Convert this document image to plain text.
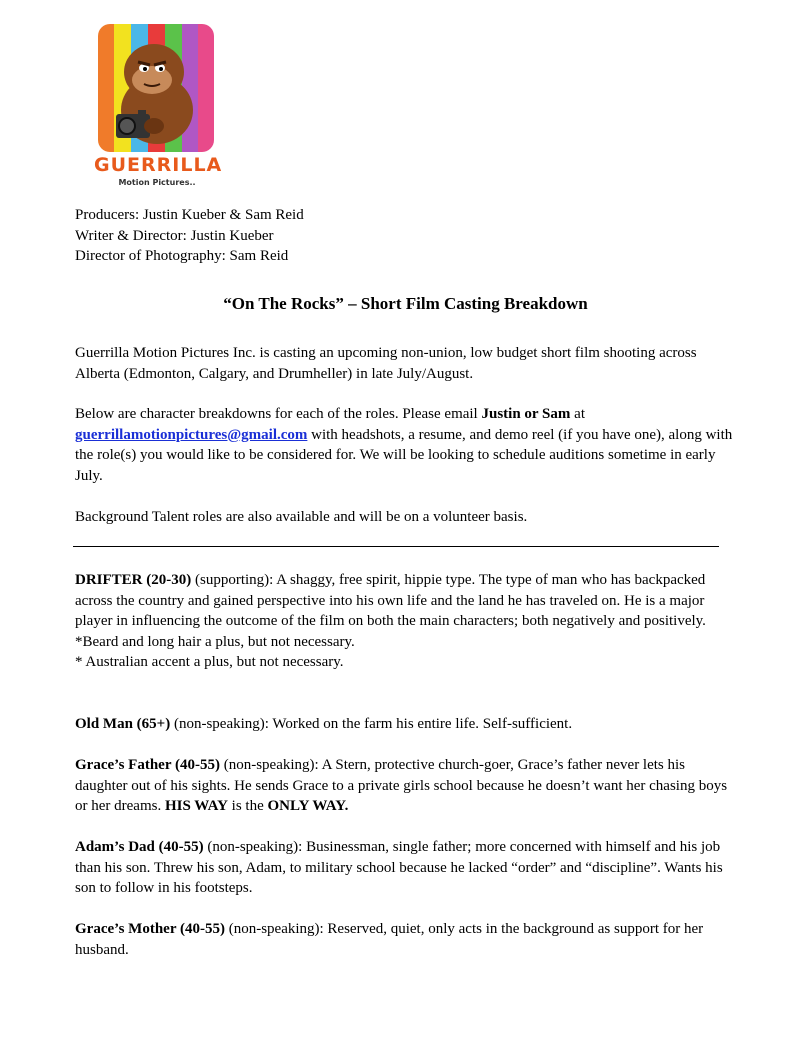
GUERRILLA
Motion Pictures..
Producers: Justin Kueber & Sam Reid
Writer & Director: Justin Kueber
Director of Photography: Sam Reid
“On The Rocks” – Short Film Casting Breakdown

Guerrilla Motion Pictures Inc. is casting an upcoming non-union, low budget short film shooting across Alberta (Edmonton, Calgary, and Drumheller) in late July/August.

Below are character breakdowns for each of the roles. Please email Justin or Sam at guerrillamotionpictures@gmail.com with headshots, a resume, and demo reel (if you have one), along with the role(s) you would like to be considered for. We will be looking to schedule auditions sometime in early July.

Background Talent roles are also available and will be on a volunteer basis.

DRIFTER (20-30) (supporting): A shaggy, free spirit, hippie type. The type of man who has backpacked across the country and gained perspective into his own life and the land he has traveled on. He is a major player in influencing the outcome of the film on both the main characters; both negatively and positively.
*Beard and long hair a plus, but not necessary.
* Australian accent a plus, but not necessary.

Old Man (65+) (non-speaking): Worked on the farm his entire life. Self-sufficient.

Grace’s Father (40-55) (non-speaking): A Stern, protective church-goer, Grace’s father never lets his daughter out of his sights. He sends Grace to a private girls school because he doesn’t want her chasing boys or her dreams. HIS WAY is the ONLY WAY.

Adam’s Dad (40-55) (non-speaking): Businessman, single father; more concerned with himself and his job than his son. Threw his son, Adam, to military school because he lacked “order” and “discipline”. Wants his son to follow in his footsteps.

Grace’s Mother (40-55) (non-speaking): Reserved, quiet, only acts in the background as support for her husband.
